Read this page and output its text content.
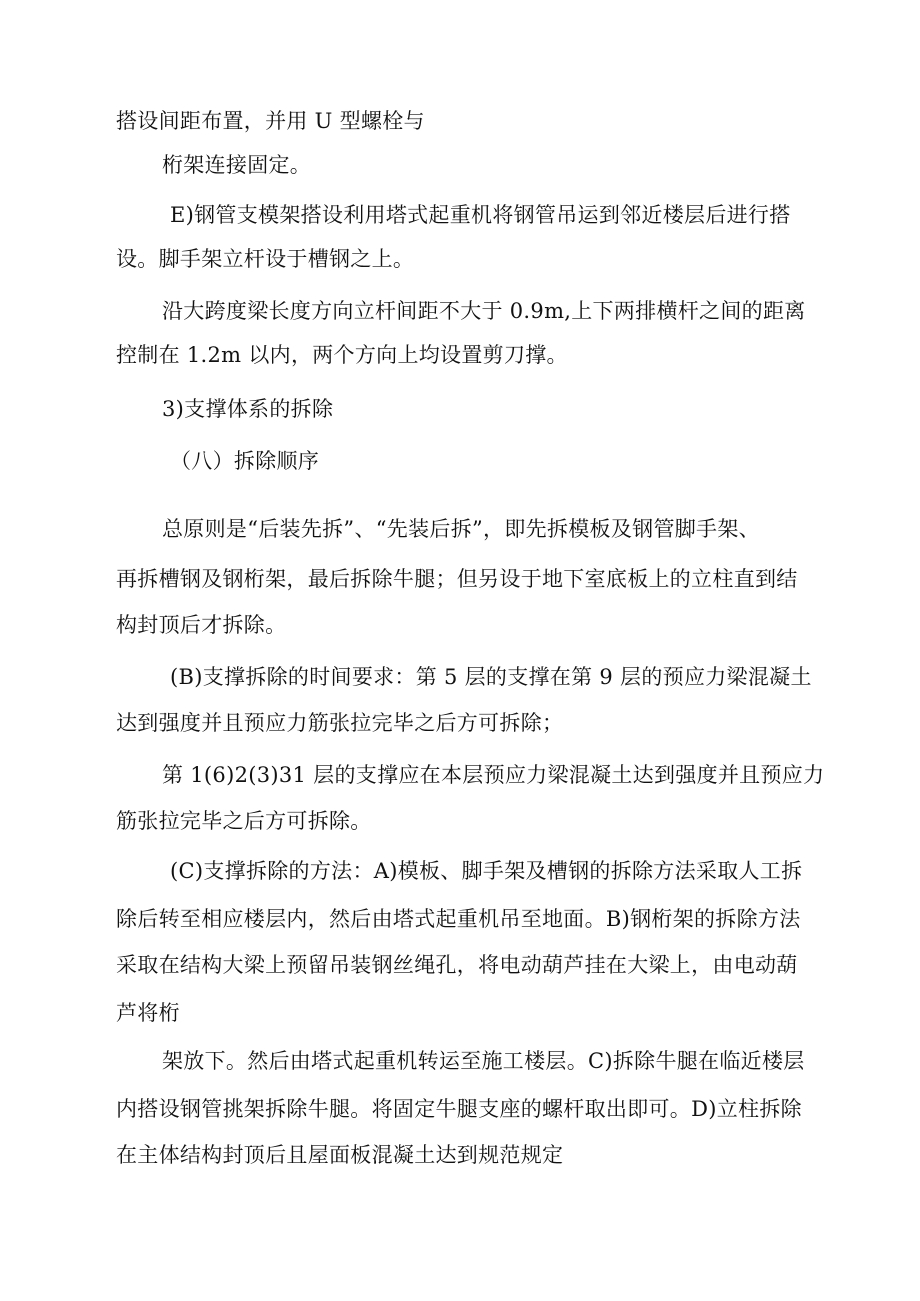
搭设间距布置，并用 U 型螺栓与
桁架连接固定。
E)钢管支模架搭设利用塔式起重机将钢管吊运到邻近楼层后进行搭
设。脚手架立杆设于槽钢之上。
沿大跨度梁长度方向立杆间距不大于 0.9m,上下两排横杆之间的距离
控制在 1.2m 以内，两个方向上均设置剪刀撑。
3)支撑体系的拆除
（八）拆除顺序
总原则是“后装先拆”、“先装后拆”，即先拆模板及钢管脚手架、
再拆槽钢及钢桁架，最后拆除牛腿；但另设于地下室底板上的立柱直到结
构封顶后才拆除。
(B)支撑拆除的时间要求：第 5 层的支撑在第 9 层的预应力梁混凝土
达到强度并且预应力筋张拉完毕之后方可拆除；
第 1(6)2(3)31 层的支撑应在本层预应力梁混凝土达到强度并且预应力
筋张拉完毕之后方可拆除。
(C)支撑拆除的方法：A)模板、脚手架及槽钢的拆除方法采取人工拆
除后转至相应楼层内，然后由塔式起重机吊至地面。B)钢桁架的拆除方法
采取在结构大梁上预留吊装钢丝绳孔，将电动葫芦挂在大梁上，由电动葫
芦将桁
架放下。然后由塔式起重机转运至施工楼层。C)拆除牛腿在临近楼层
内搭设钢管挑架拆除牛腿。将固定牛腿支座的螺杆取出即可。D)立柱拆除
在主体结构封顶后且屋面板混凝土达到规范规定
